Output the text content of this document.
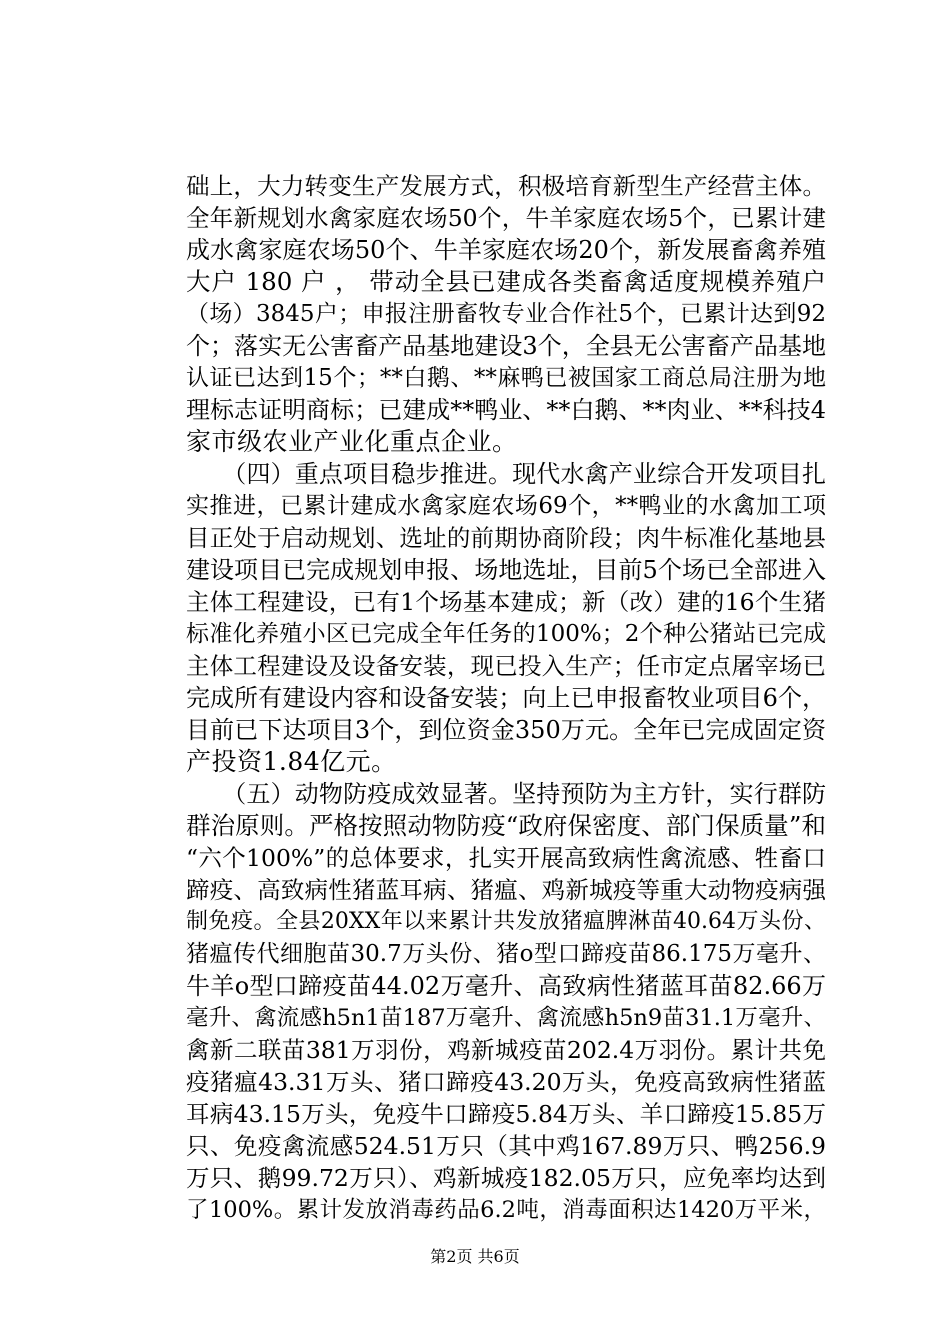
础上，大力转变生产发展方式，积极培育新型生产经营主体。
全年新规划水禽家庭农场50个，牛羊家庭农场5个，已累计建
成水禽家庭农场50个、牛羊家庭农场20个，新发展畜禽养殖
大户 180 户 ， 带动全县已建成各类畜禽适度规模养殖户
（场）3845户；申报注册畜牧专业合作社5个，已累计达到92
个；落实无公害畜产品基地建设3个，全县无公害畜产品基地
认证已达到15个；**白鹅、**麻鸭已被国家工商总局注册为地
理标志证明商标；已建成**鸭业、**白鹅、**肉业、**科技4
家市级农业产业化重点企业。
　　（四）重点项目稳步推进。现代水禽产业综合开发项目扎
实推进，已累计建成水禽家庭农场69个，**鸭业的水禽加工项
目正处于启动规划、选址的前期协商阶段；肉牛标准化基地县
建设项目已完成规划申报、场地选址，目前5个场已全部进入
主体工程建设，已有1个场基本建成；新（改）建的16个生猪
标准化养殖小区已完成全年任务的100%；2个种公猪站已完成
主体工程建设及设备安装，现已投入生产；任市定点屠宰场已
完成所有建设内容和设备安装；向上已申报畜牧业项目6个，
目前已下达项目3个，到位资金350万元。全年已完成固定资
产投资1.84亿元。
　　（五）动物防疫成效显著。坚持预防为主方针，实行群防
群治原则。严格按照动物防疫“政府保密度、部门保质量”和
“六个100%”的总体要求，扎实开展高致病性禽流感、牲畜口
蹄疫、高致病性猪蓝耳病、猪瘟、鸡新城疫等重大动物疫病强
制免疫。全县20XX年以来累计共发放猪瘟脾淋苗40.64万头份、
猪瘟传代细胞苗30.7万头份、猪o型口蹄疫苗86.175万毫升、
牛羊o型口蹄疫苗44.02万毫升、高致病性猪蓝耳苗82.66万
毫升、禽流感h5n1苗187万毫升、禽流感h5n9苗31.1万毫升、
禽新二联苗381万羽份，鸡新城疫苗202.4万羽份。累计共免
疫猪瘟43.31万头、猪口蹄疫43.20万头，免疫高致病性猪蓝
耳病43.15万头，免疫牛口蹄疫5.84万头、羊口蹄疫15.85万
只、免疫禽流感524.51万只（其中鸡167.89万只、鸭256.9
万只、鹅99.72万只）、鸡新城疫182.05万只，应免率均达到
了100%。累计发放消毒药品6.2吨，消毒面积达1420万平米，
第2页 共6页
